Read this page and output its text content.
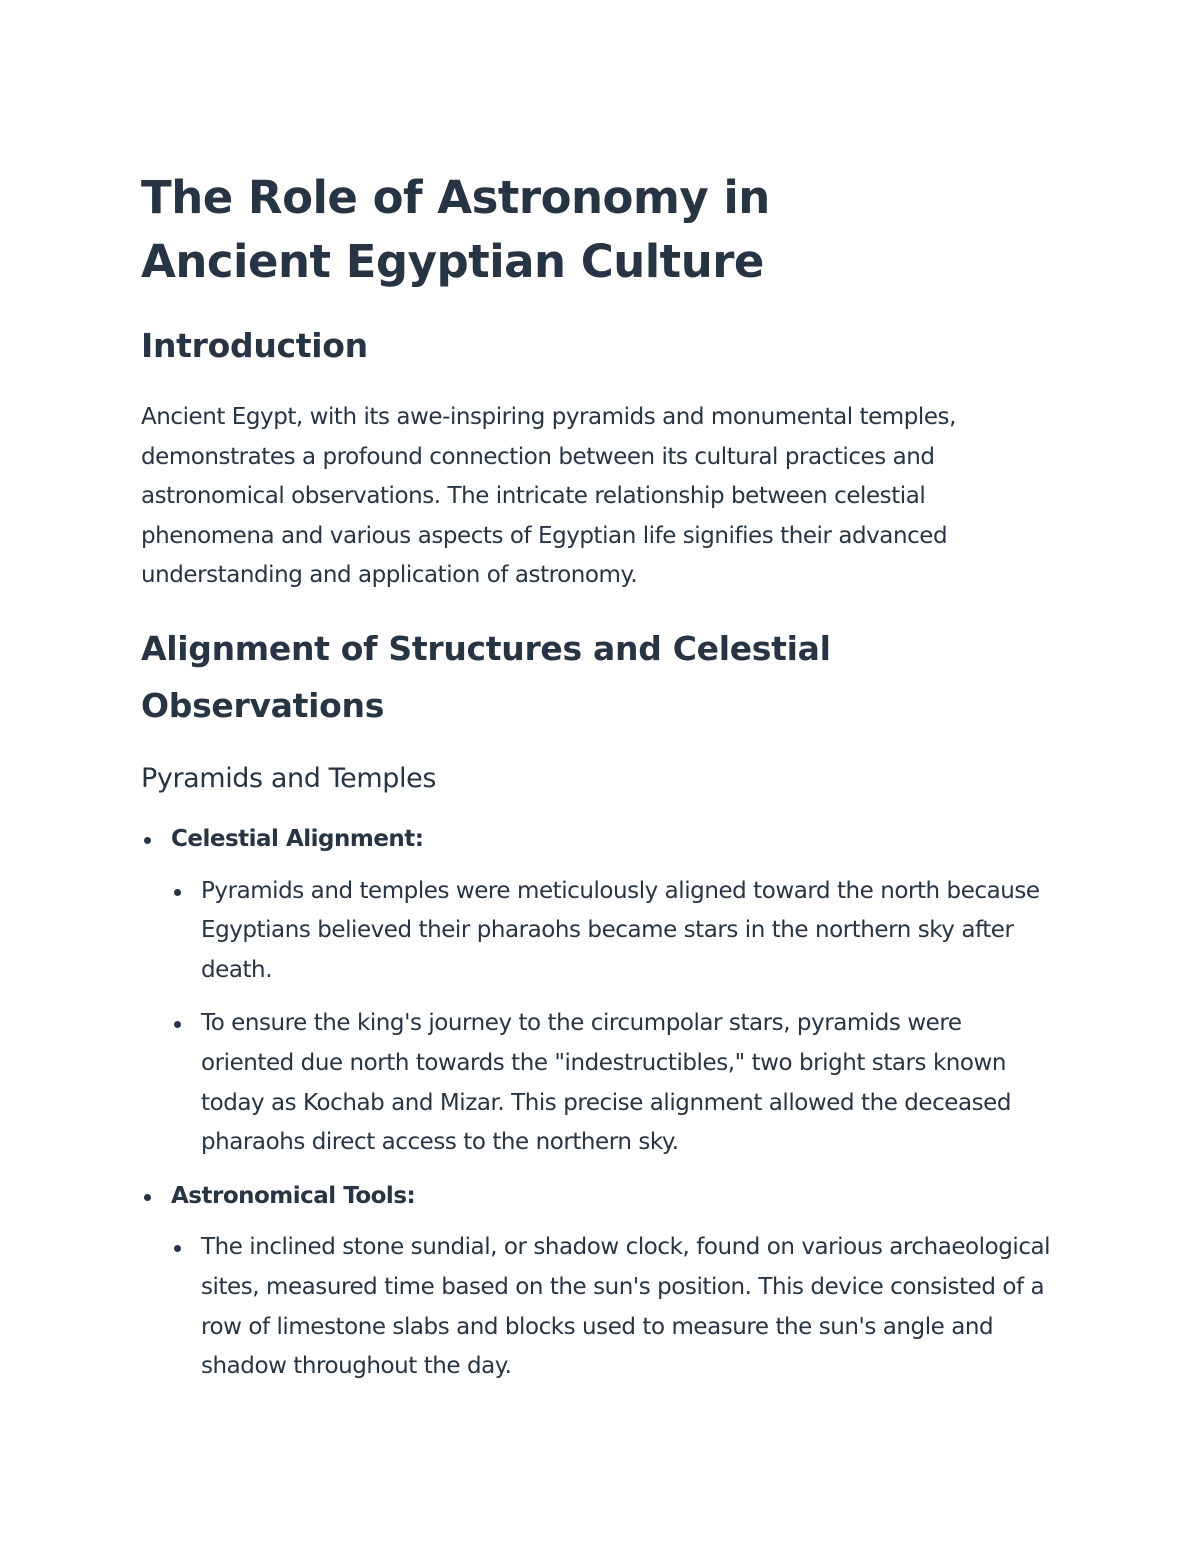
The Role of Astronomy in Ancient Egyptian Culture
Introduction

Ancient Egypt, with its awe-inspiring pyramids and monumental temples, demonstrates a profound connection between its cultural practices and astronomical observations. The intricate relationship between celestial phenomena and various aspects of Egyptian life signifies their advanced understanding and application of astronomy.

Alignment of Structures and Celestial Observations
Pyramids and Temples
Celestial Alignment:
Pyramids and temples were meticulously aligned toward the north because Egyptians believed their pharaohs became stars in the northern sky after death.
To ensure the king's journey to the circumpolar stars, pyramids were oriented due north towards the "indestructibles," two bright stars known today as Kochab and Mizar. This precise alignment allowed the deceased pharaohs direct access to the northern sky.
Astronomical Tools:
The inclined stone sundial, or shadow clock, found on various archaeological sites, measured time based on the sun's position. This device consisted of a row of limestone slabs and blocks used to measure the sun's angle and shadow throughout the day.
